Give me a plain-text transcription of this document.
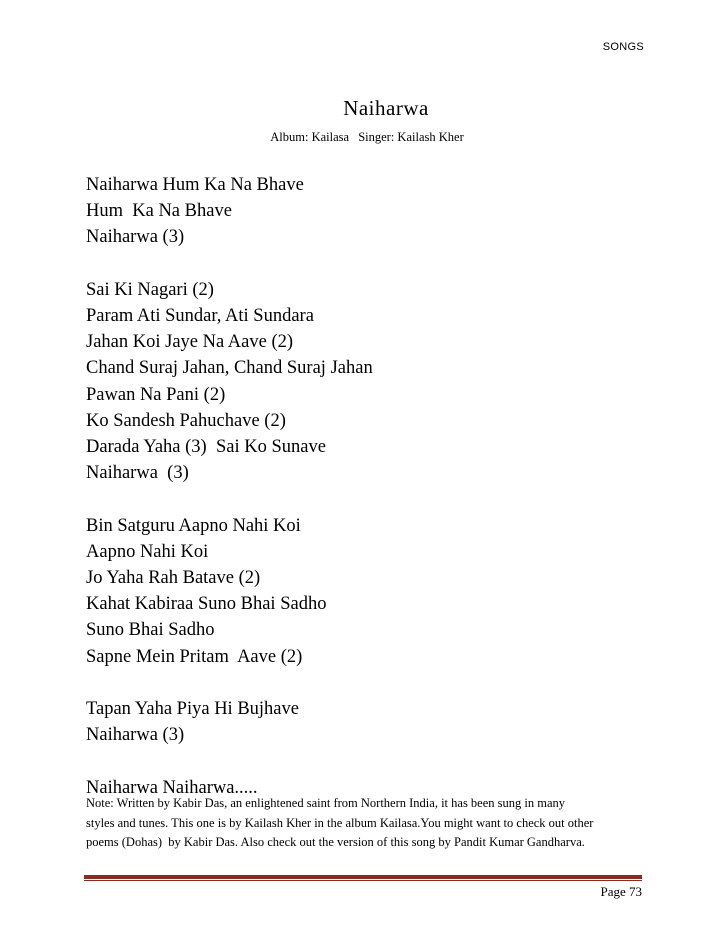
SONGS
Naiharwa
Album: Kailasa Singer: Kailash Kher
Naiharwa Hum Ka Na Bhave
Hum  Ka Na Bhave
Naiharwa (3)
Sai Ki Nagari (2)
Param Ati Sundar, Ati Sundara
Jahan Koi Jaye Na Aave (2)
Chand Suraj Jahan, Chand Suraj Jahan
Pawan Na Pani (2)
Ko Sandesh Pahuchave (2)
Darada Yaha (3)  Sai Ko Sunave
Naiharwa  (3)
Bin Satguru Aapno Nahi Koi
Aapno Nahi Koi
Jo Yaha Rah Batave (2)
Kahat Kabiraa Suno Bhai Sadho
Suno Bhai Sadho
Sapne Mein Pritam  Aave (2)
Tapan Yaha Piya Hi Bujhave
Naiharwa (3)
Naiharwa Naiharwa.....
Note: Written by Kabir Das, an enlightened saint from Northern India, it has been sung in many
styles and tunes. This one is by Kailash Kher in the album Kailasa.You might want to check out other
poems (Dohas)  by Kabir Das. Also check out the version of this song by Pandit Kumar Gandharva.
Page 73
